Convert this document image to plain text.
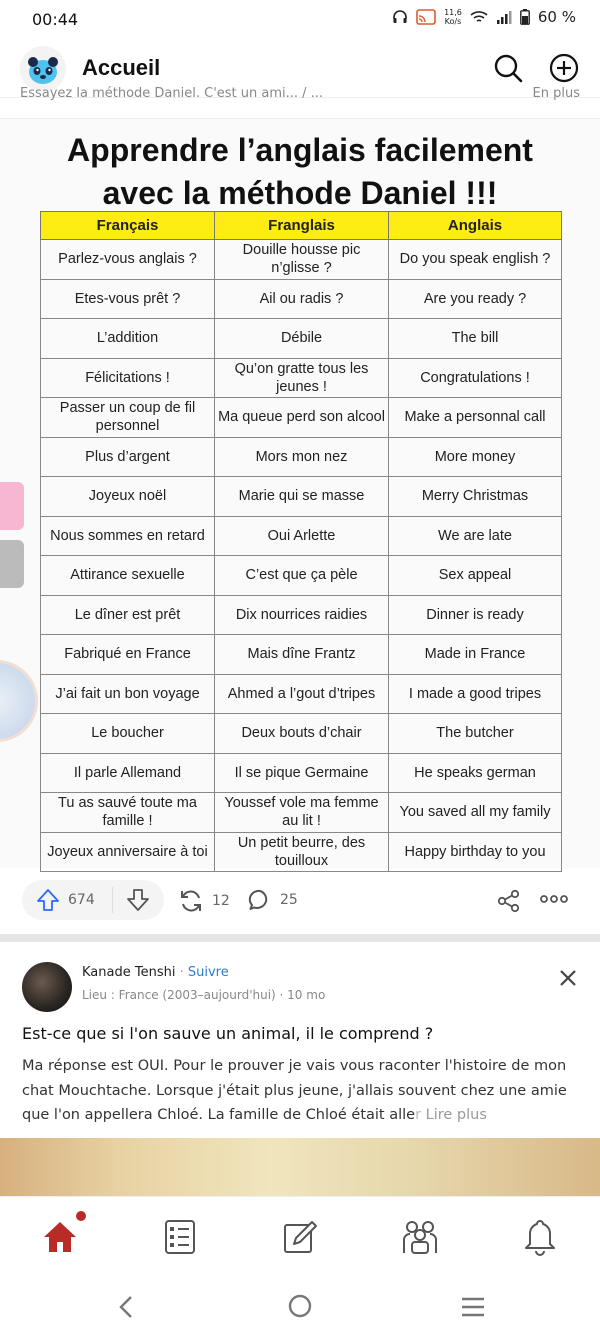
00:44	11,6
Ko/s	60 %
Accueil
Essayez la méthode Daniel. C'est un ami... / ...	En plus
Apprendre l’anglais facilement
avec la méthode Daniel !!!
Français	Franglais	Anglais
Parlez-vous anglais ?	Douille housse pic n’glisse ?	Do you speak english ?
Etes-vous prêt ?	Ail ou radis ?	Are you ready ?
L’addition	Débile	The bill
Félicitations !	Qu’on gratte tous les jeunes !	Congratulations !
Passer un coup de fil personnel	Ma queue perd son alcool	Make a personnal call
Plus d’argent	Mors mon nez	More money
Joyeux noël	Marie qui se masse	Merry Christmas
Nous sommes en retard	Oui Arlette	We are late
Attirance sexuelle	C’est que ça pèle	Sex appeal
Le dîner est prêt	Dix nourrices raidies	Dinner is ready
Fabriqué en France	Mais dîne Frantz	Made in France
J’ai fait un bon voyage	Ahmed a l’gout d’tripes	I made a good tripes
Le boucher	Deux bouts d’chair	The butcher
Il parle Allemand	Il se pique Germaine	He speaks german
Tu as sauvé toute ma famille !	Youssef vole ma femme au lit !	You saved all my family
Joyeux anniversaire à toi	Un petit beurre, des touilloux	Happy birthday to you
674	12	25
Kanade Tenshi · Suivre
Lieu : France (2003–aujourd'hui) · 10 mo
Est-ce que si l'on sauve un animal, il le comprend ?
Ma réponse est OUI. Pour le prouver je vais vous raconter l'histoire de mon chat Mouchtache. Lorsque j'était plus jeune, j'allais souvent chez une amie que l'on appellera Chloé. La famille de Chloé était aller Lire plus
